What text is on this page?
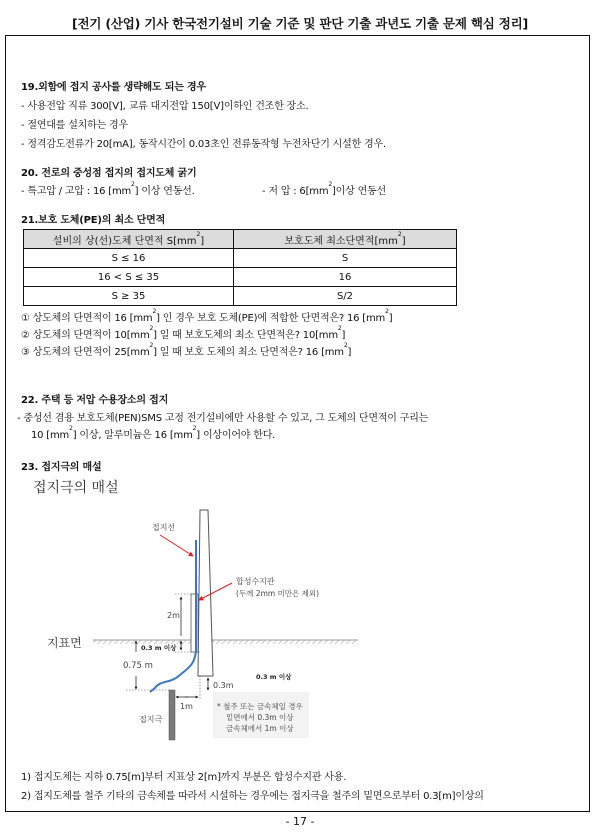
[전기 (산업) 기사 한국전기설비 기술 기준 및 판단 기출 과년도 기출 문제 핵심 정리]
19.외함에 접지 공사를 생략해도 되는 경우
- 사용전압 직류 300[V], 교류 대지전압 150[V]이하인 건조한 장소.
- 절연대를 설치하는 경우
- 정격감도전류가 20[mA], 동작시간이 0.03초인 전류동작형 누전차단기 시설한 경우.
20. 전로의 중성점 접지의 접지도체 굵기
- 특고압 / 고압 : 16 $[mm^2]$ 이상 연동선.	- 저 압 : $6[mm^2]$이상 연동선
21.보호 도체(PE)의 최소 단면적
설비의 상(선)도체 단면적 $S[mm^2]$	보호도체 최소단면적$[mm^2]$
S ≤ 16	S
16 < S ≤ 35	16
S ≥ 35	S/2
① 상도체의 단면적이 16 $[mm^2]$ 인 경우 보호 도체(PE)에 적합한 단면적은? 16 $[mm^2]$
② 상도체의 단면적이 $10[mm^2]$ 일 때 보호도체의 최소 단면적은? $10[mm^2]$
③ 상도체의 단면적이 $25[mm^2]$ 일 때 보호 도체의 최소 단면적은? 16 $[mm^2]$
22. 주택 등 저압 수용장소의 접지
- 중성선 겸용 보호도체(PEN)SMS 고정 전기설비에만 사용할 수 있고, 그 도체의 단면적이 구리는
10 $[mm^2]$ 이상, 알루미늄은 16 $[mm^2]$ 이상이어야 한다.
23. 접지극의 매설
접지극의 매설
접지선
합성수지관
(두께 2mm 미만은 제외)
2m
지표면	0.3 m 이상
0.75 m
0.3 m 이상
0.3m
1m
접지극
* 철주 또는 금속체일 경우
밑면에서 0.3m 이상
금속체에서 1m 이상
1) 접지도체는 지하 0.75[m]부터 지표상 2[m]까지 부분은 합성수지관 사용.
2) 접지도체를 철주 기타의 금속체를 따라서 시설하는 경우에는 접지극을 철주의 밑면으로부터 0.3[m]이상의
- 17 -
